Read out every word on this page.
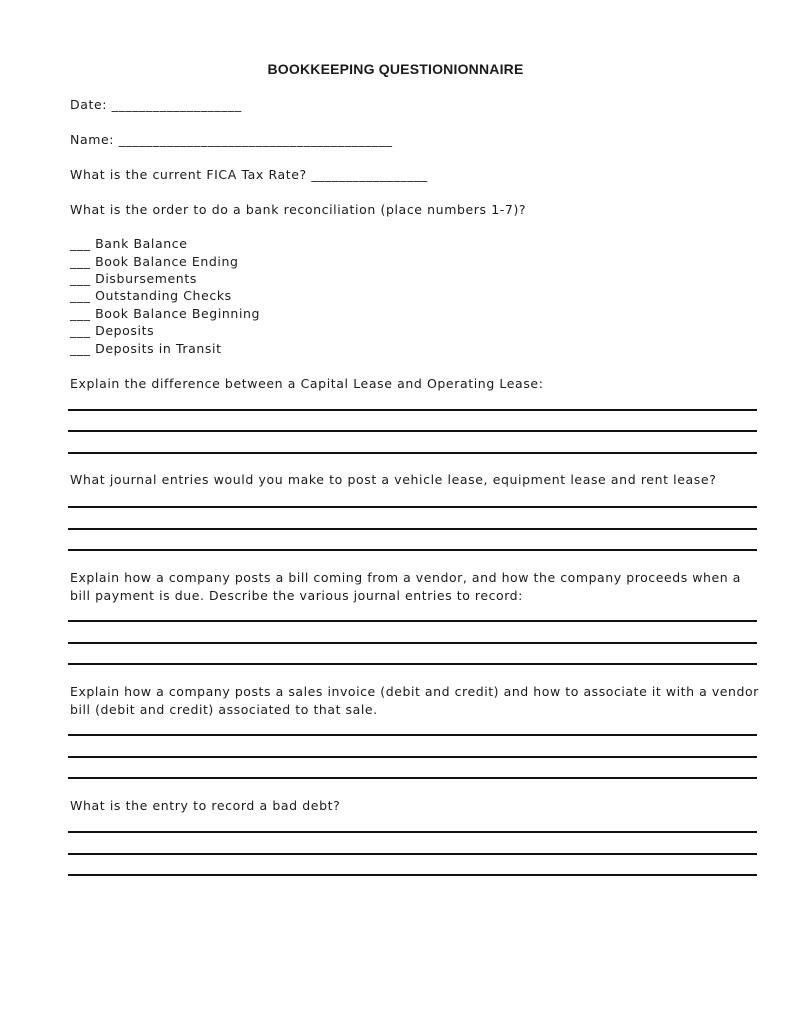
BOOKKEEPING QUESTIONIONNAIRE
Date: ___________________
Name: ________________________________________
What is the current FICA Tax Rate? _________________
What is the order to do a bank reconciliation (place numbers 1-7)?
___ Bank Balance
___ Book Balance Ending
___ Disbursements
___ Outstanding Checks
___ Book Balance Beginning
___ Deposits
___ Deposits in Transit
Explain the difference between a Capital Lease and Operating Lease:
What journal entries would you make to post a vehicle lease, equipment lease and rent lease?
Explain how a company posts a bill coming from a vendor, and how the company proceeds when a bill payment is due. Describe the various journal entries to record:
Explain how a company posts a sales invoice (debit and credit) and how to associate it with a vendor bill (debit and credit) associated to that sale.
What is the entry to record a bad debt?
